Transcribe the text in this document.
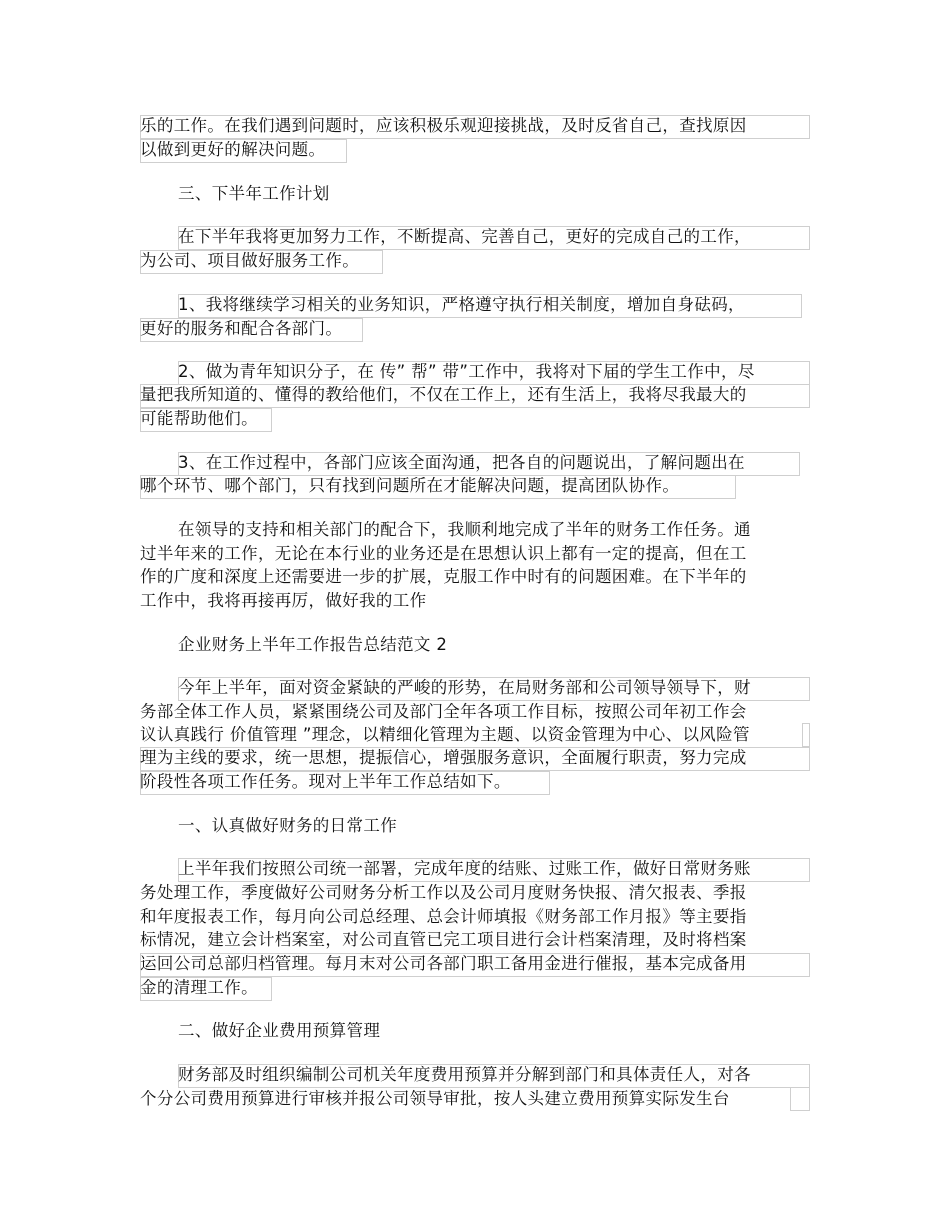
乐的工作。在我们遇到问题时，应该积极乐观迎接挑战，及时反省自己，查找原因
以做到更好的解决问题。
三、下半年工作计划
在下半年我将更加努力工作，不断提高、完善自己，更好的完成自己的工作，
为公司、项目做好服务工作。
1、我将继续学习相关的业务知识，严格遵守执行相关制度，增加自身砝码，
更好的服务和配合各部门。
2、做为青年知识分子，在 传” 帮” 带”工作中，我将对下届的学生工作中，尽
量把我所知道的、懂得的教给他们，不仅在工作上，还有生活上，我将尽我最大的
可能帮助他们。
3、在工作过程中，各部门应该全面沟通，把各自的问题说出，了解问题出在
哪个环节、哪个部门，只有找到问题所在才能解决问题，提高团队协作。
在领导的支持和相关部门的配合下，我顺利地完成了半年的财务工作任务。通
过半年来的工作，无论在本行业的业务还是在思想认识上都有一定的提高，但在工
作的广度和深度上还需要进一步的扩展，克服工作中时有的问题困难。在下半年的
工作中，我将再接再厉，做好我的工作
企业财务上半年工作报告总结范文 2
今年上半年，面对资金紧缺的严峻的形势，在局财务部和公司领导领导下，财
务部全体工作人员，紧紧围绕公司及部门全年各项工作目标，按照公司年初工作会
议认真践行 价值管理 ”理念，以精细化管理为主题、以资金管理为中心、以风险管
理为主线的要求，统一思想，提振信心，增强服务意识，全面履行职责，努力完成
阶段性各项工作任务。现对上半年工作总结如下。
一、认真做好财务的日常工作
上半年我们按照公司统一部署，完成年度的结账、过账工作，做好日常财务账
务处理工作，季度做好公司财务分析工作以及公司月度财务快报、清欠报表、季报
和年度报表工作，每月向公司总经理、总会计师填报《财务部工作月报》等主要指
标情况，建立会计档案室，对公司直管已完工项目进行会计档案清理，及时将档案
运回公司总部归档管理。每月末对公司各部门职工备用金进行催报，基本完成备用
金的清理工作。
二、做好企业费用预算管理
财务部及时组织编制公司机关年度费用预算并分解到部门和具体责任人，对各
个分公司费用预算进行审核并报公司领导审批，按人头建立费用预算实际发生台
